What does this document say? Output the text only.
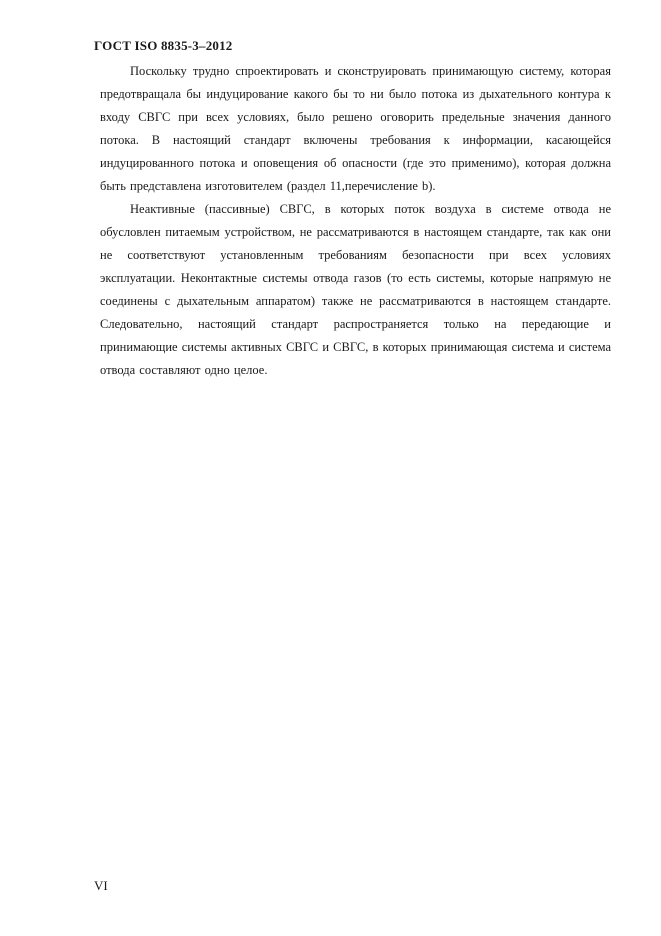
ГОСТ ISO 8835-3–2012

Поскольку трудно спроектировать и сконструировать принимающую систему, которая предотвращала бы индуцирование какого бы то ни было потока из дыхательного контура к входу СВГС при всех условиях, было решено оговорить предельные значения данного потока. В настоящий стандарт включены требования к информации, касающейся индуцированного потока и оповещения об опасности (где это применимо), которая должна быть представлена изготовителем (раздел 11,перечисление b).

Неактивные (пассивные) СВГС, в которых поток воздуха в системе отвода не обусловлен питаемым устройством, не рассматриваются в настоящем стандарте, так как они не соответствуют установленным требованиям безопасности при всех условиях эксплуатации. Неконтактные системы отвода газов (то есть системы, которые напрямую не соединены с дыхательным аппаратом) также не рассматриваются в настоящем стандарте. Следовательно, настоящий стандарт распространяется только на передающие и принимающие системы активных СВГС и СВГС, в которых принимающая система и система отвода составляют одно целое.

VI
